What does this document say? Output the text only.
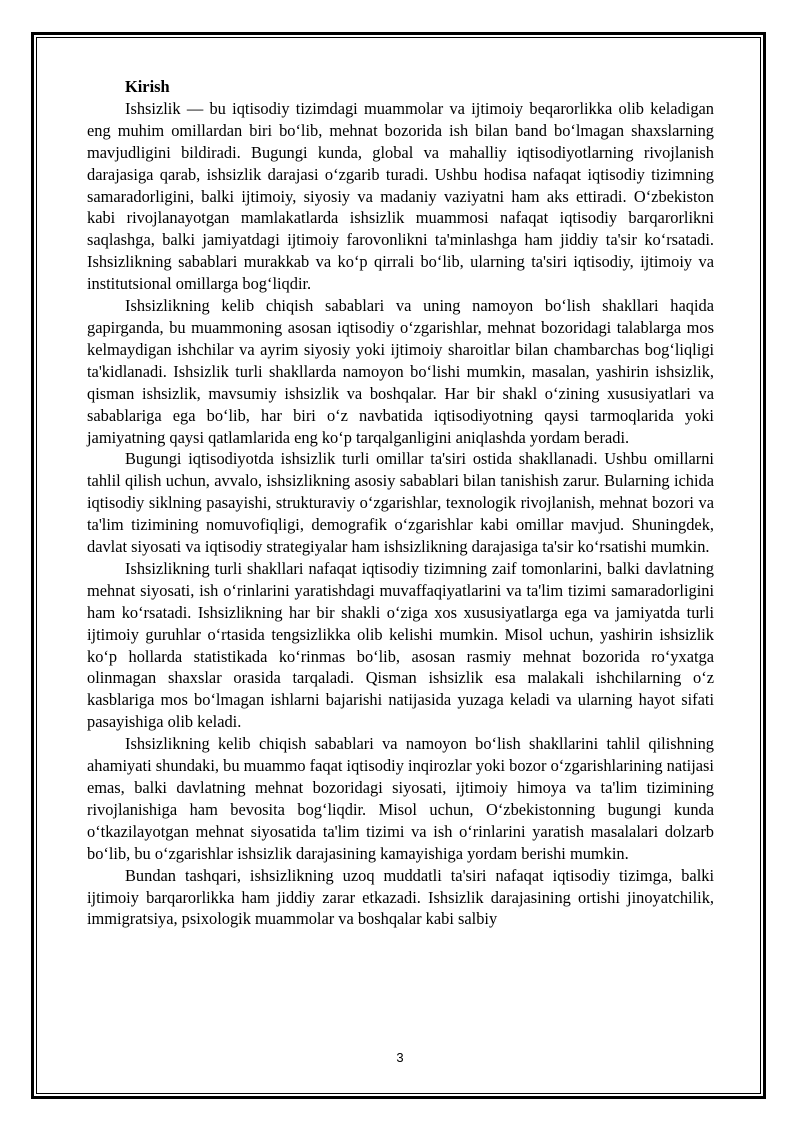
Kirish

Ishsizlik — bu iqtisodiy tizimdagi muammolar va ijtimoiy beqarorlikka olib keladigan eng muhim omillardan biri bo‘lib, mehnat bozorida ish bilan band bo‘lmagan shaxslarning mavjudligini bildiradi. Bugungi kunda, global va mahalliy iqtisodiyotlarning rivojlanish darajasiga qarab, ishsizlik darajasi o‘zgarib turadi. Ushbu hodisa nafaqat iqtisodiy tizimning samaradorligini, balki ijtimoiy, siyosiy va madaniy vaziyatni ham aks ettiradi. O‘zbekiston kabi rivojlanayotgan mamlakatlarda ishsizlik muammosi nafaqat iqtisodiy barqarorlikni saqlashga, balki jamiyatdagi ijtimoiy farovonlikni ta'minlashga ham jiddiy ta'sir ko‘rsatadi. Ishsizlikning sabablari murakkab va ko‘p qirrali bo‘lib, ularning ta'siri iqtisodiy, ijtimoiy va institutsional omillarga bog‘liqdir.

Ishsizlikning kelib chiqish sabablari va uning namoyon bo‘lish shakllari haqida gapirganda, bu muammoning asosan iqtisodiy o‘zgarishlar, mehnat bozoridagi talablarga mos kelmaydigan ishchilar va ayrim siyosiy yoki ijtimoiy sharoitlar bilan chambarchas bog‘liqligi ta'kidlanadi. Ishsizlik turli shakllarda namoyon bo‘lishi mumkin, masalan, yashirin ishsizlik, qisman ishsizlik, mavsumiy ishsizlik va boshqalar. Har bir shakl o‘zining xususiyatlari va sabablariga ega bo‘lib, har biri o‘z navbatida iqtisodiyotning qaysi tarmoqlarida yoki jamiyatning qaysi qatlamlarida eng ko‘p tarqalganligini aniqlashda yordam beradi.

Bugungi iqtisodiyotda ishsizlik turli omillar ta'siri ostida shakllanadi. Ushbu omillarni tahlil qilish uchun, avvalo, ishsizlikning asosiy sabablari bilan tanishish zarur. Bularning ichida iqtisodiy siklning pasayishi, strukturaviy o‘zgarishlar, texnologik rivojlanish, mehnat bozori va ta'lim tizimining nomuvofiqligi, demografik o‘zgarishlar kabi omillar mavjud. Shuningdek, davlat siyosati va iqtisodiy strategiyalar ham ishsizlikning darajasiga ta'sir ko‘rsatishi mumkin.

Ishsizlikning turli shakllari nafaqat iqtisodiy tizimning zaif tomonlarini, balki davlatning mehnat siyosati, ish o‘rinlarini yaratishdagi muvaffaqiyatlarini va ta'lim tizimi samaradorligini ham ko‘rsatadi. Ishsizlikning har bir shakli o‘ziga xos xususiyatlarga ega va jamiyatda turli ijtimoiy guruhlar o‘rtasida tengsizlikka olib kelishi mumkin. Misol uchun, yashirin ishsizlik ko‘p hollarda statistikada ko‘rinmas bo‘lib, asosan rasmiy mehnat bozorida ro‘yxatga olinmagan shaxslar orasida tarqaladi. Qisman ishsizlik esa malakali ishchilarning o‘z kasblariga mos bo‘lmagan ishlarni bajarishi natijasida yuzaga keladi va ularning hayot sifati pasayishiga olib keladi.

Ishsizlikning kelib chiqish sabablari va namoyon bo‘lish shakllarini tahlil qilishning ahamiyati shundaki, bu muammo faqat iqtisodiy inqirozlar yoki bozor o‘zgarishlarining natijasi emas, balki davlatning mehnat bozoridagi siyosati, ijtimoiy himoya va ta'lim tizimining rivojlanishiga ham bevosita bog‘liqdir. Misol uchun, O‘zbekistonning bugungi kunda o‘tkazilayotgan mehnat siyosatida ta'lim tizimi va ish o‘rinlarini yaratish masalalari dolzarb bo‘lib, bu o‘zgarishlar ishsizlik darajasining kamayishiga yordam berishi mumkin.

Bundan tashqari, ishsizlikning uzoq muddatli ta'siri nafaqat iqtisodiy tizimga, balki ijtimoiy barqarorlikka ham jiddiy zarar etkazadi. Ishsizlik darajasining ortishi jinoyatchilik, immigratsiya, psixologik muammolar va boshqalar kabi salbiy

3
